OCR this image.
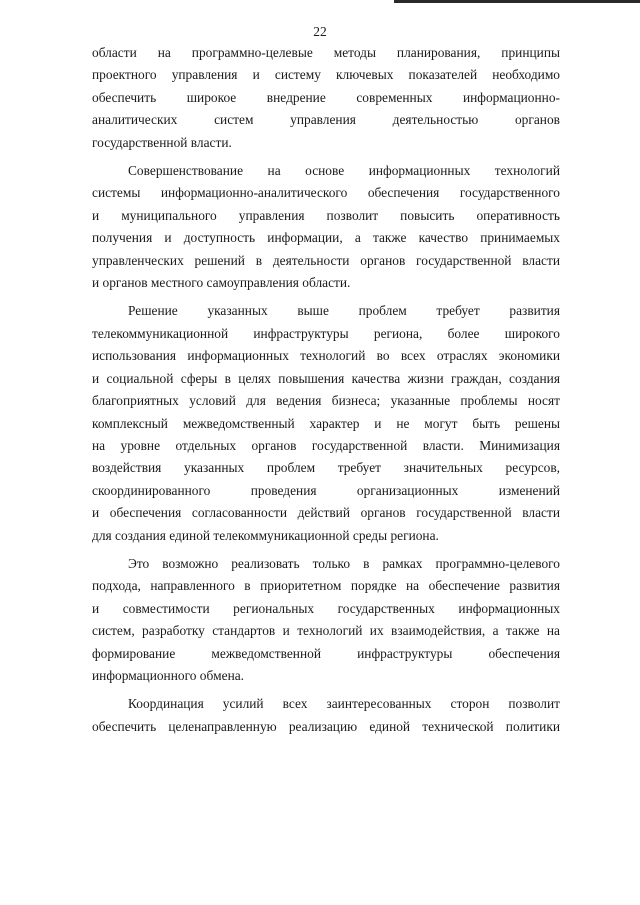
22

области на программно-целевые методы планирования, принципы

проектного управления и систему ключевых показателей необходимо

обеспечить широкое внедрение современных информационно-

аналитических систем управления деятельностью органов

государственной власти.

Совершенствование на основе информационных технологий

системы информационно-аналитического обеспечения государственного

и муниципального управления позволит повысить оперативность

получения и доступность информации, а также качество принимаемых

управленческих решений в деятельности органов государственной власти

и органов местного самоуправления области.

Решение указанных выше проблем требует развития

телекоммуникационной инфраструктуры региона, более широкого

использования информационных технологий во всех отраслях экономики

и социальной сферы в целях повышения качества жизни граждан, создания

благоприятных условий для ведения бизнеса; указанные проблемы носят

комплексный межведомственный характер и не могут быть решены

на уровне отдельных органов государственной власти. Минимизация

воздействия указанных проблем требует значительных ресурсов,

скоординированного проведения организационных изменений

и обеспечения согласованности действий органов государственной власти

для создания единой телекоммуникационной среды региона.

Это возможно реализовать только в рамках программно-целевого

подхода, направленного в приоритетном порядке на обеспечение развития

и совместимости региональных государственных информационных

систем, разработку стандартов и технологий их взаимодействия, а также на

формирование межведомственной инфраструктуры обеспечения

информационного обмена.

Координация усилий всех заинтересованных сторон позволит

обеспечить целенаправленную реализацию единой технической политики
